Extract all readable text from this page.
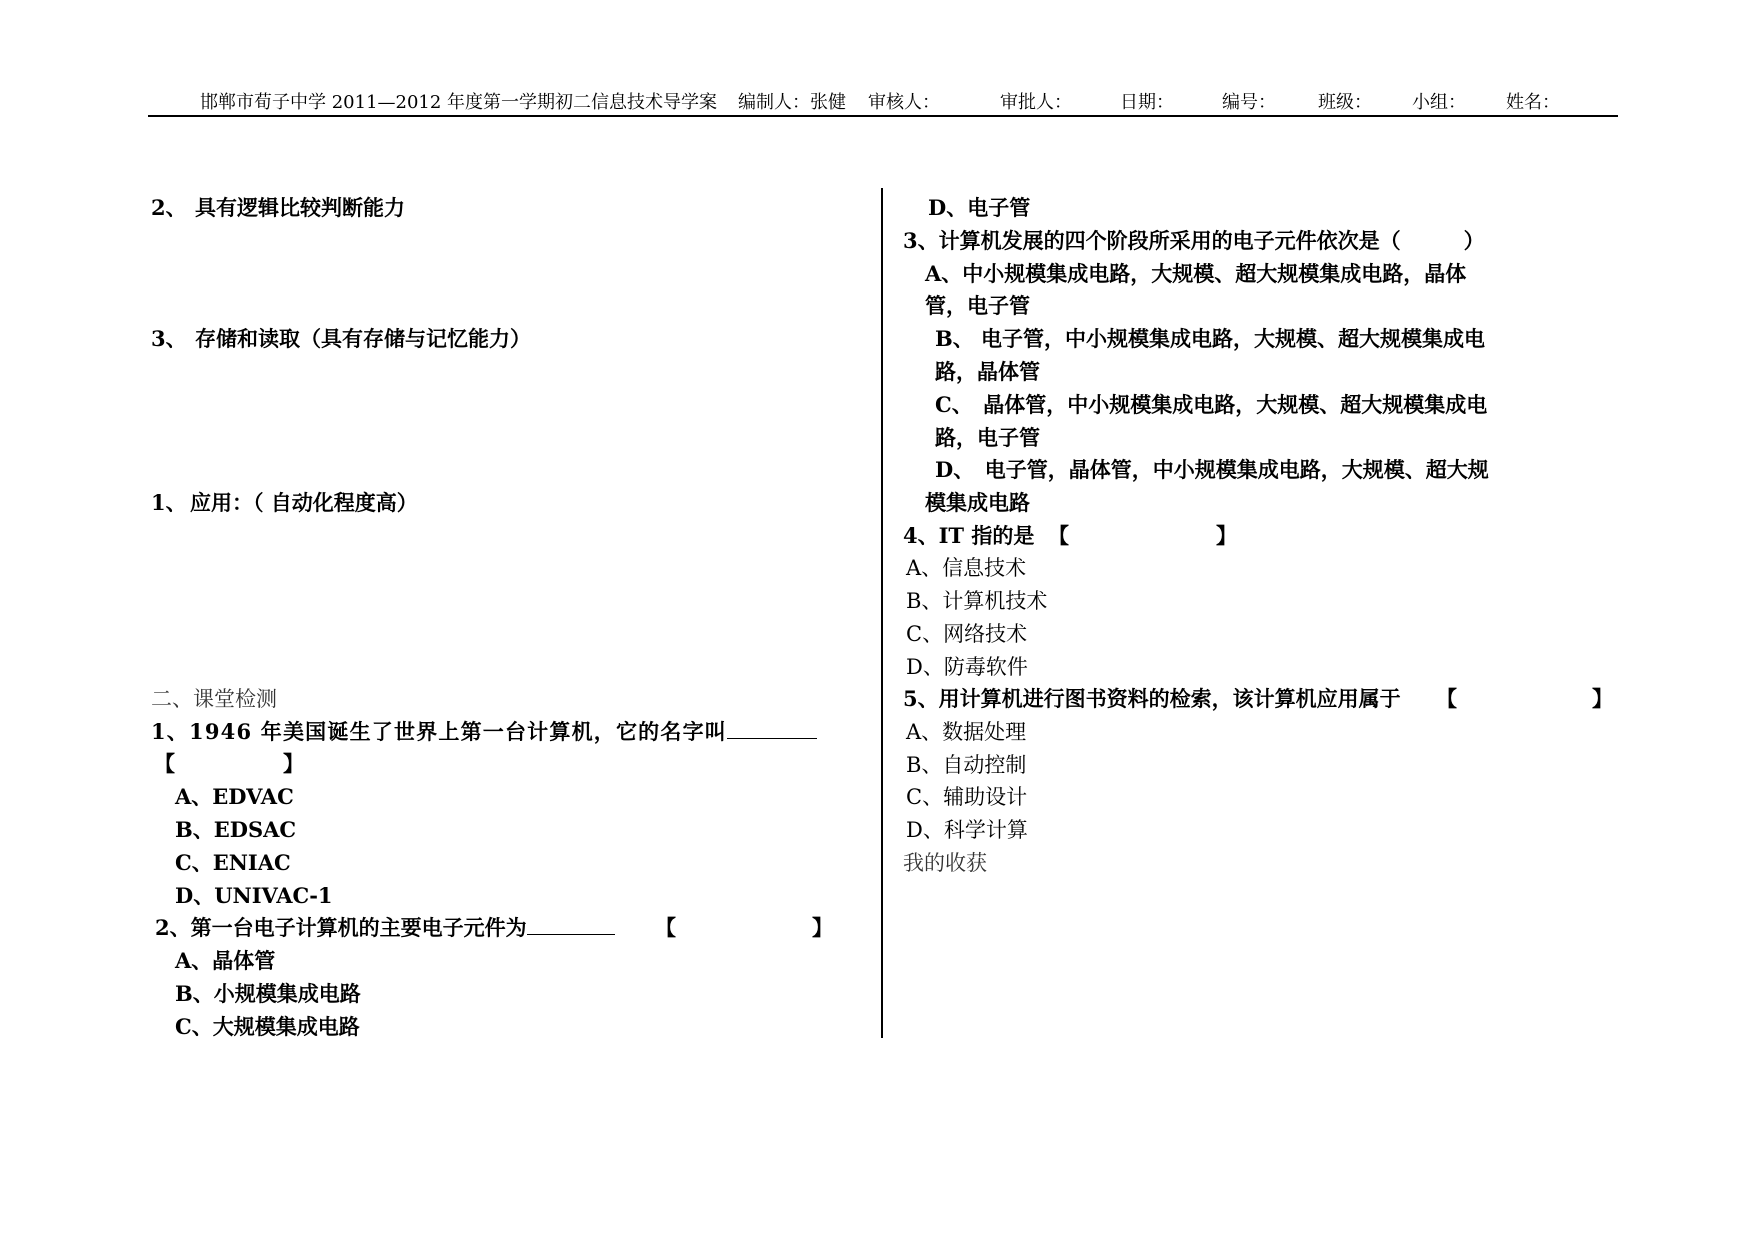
邯郸市荀子中学 2011—2012 年度第一学期初二信息技术导学案 编制人：张健 审核人：	审批人：	日期：	编号： 班级： 小组： 姓名：
2、 具有逻辑比较判断能力
3、 存储和读取（具有存储与记忆能力）
1、 应用：（ 自动化程度高）
二、课堂检测
1、1946 年美国诞生了世界上第一台计算机，它的名字叫
【	】
A、EDVAC
B、EDSAC
C、ENIAC
D、UNIVAC-1
2、第一台电子计算机的主要电子元件为	【	】
A、晶体管
B、小规模集成电路
C、大规模集成电路
D、电子管
3、计算机发展的四个阶段所采用的电子元件依次是（　　　）
A、中小规模集成电路，大规模、超大规模集成电路，晶体
管，电子管
B、 电子管，中小规模集成电路，大规模、超大规模集成电
路，晶体管
C、　晶体管，中小规模集成电路，大规模、超大规模集成电
路，电子管
D、　电子管，晶体管，中小规模集成电路，大规模、超大规
模集成电路
4、IT 指的是 【	】
A、信息技术
B、计算机技术
C、网络技术
D、防毒软件
5、用计算机进行图书资料的检索，该计算机应用属于 【	】
A、数据处理
B、自动控制
C、辅助设计
D、科学计算
我的收获
